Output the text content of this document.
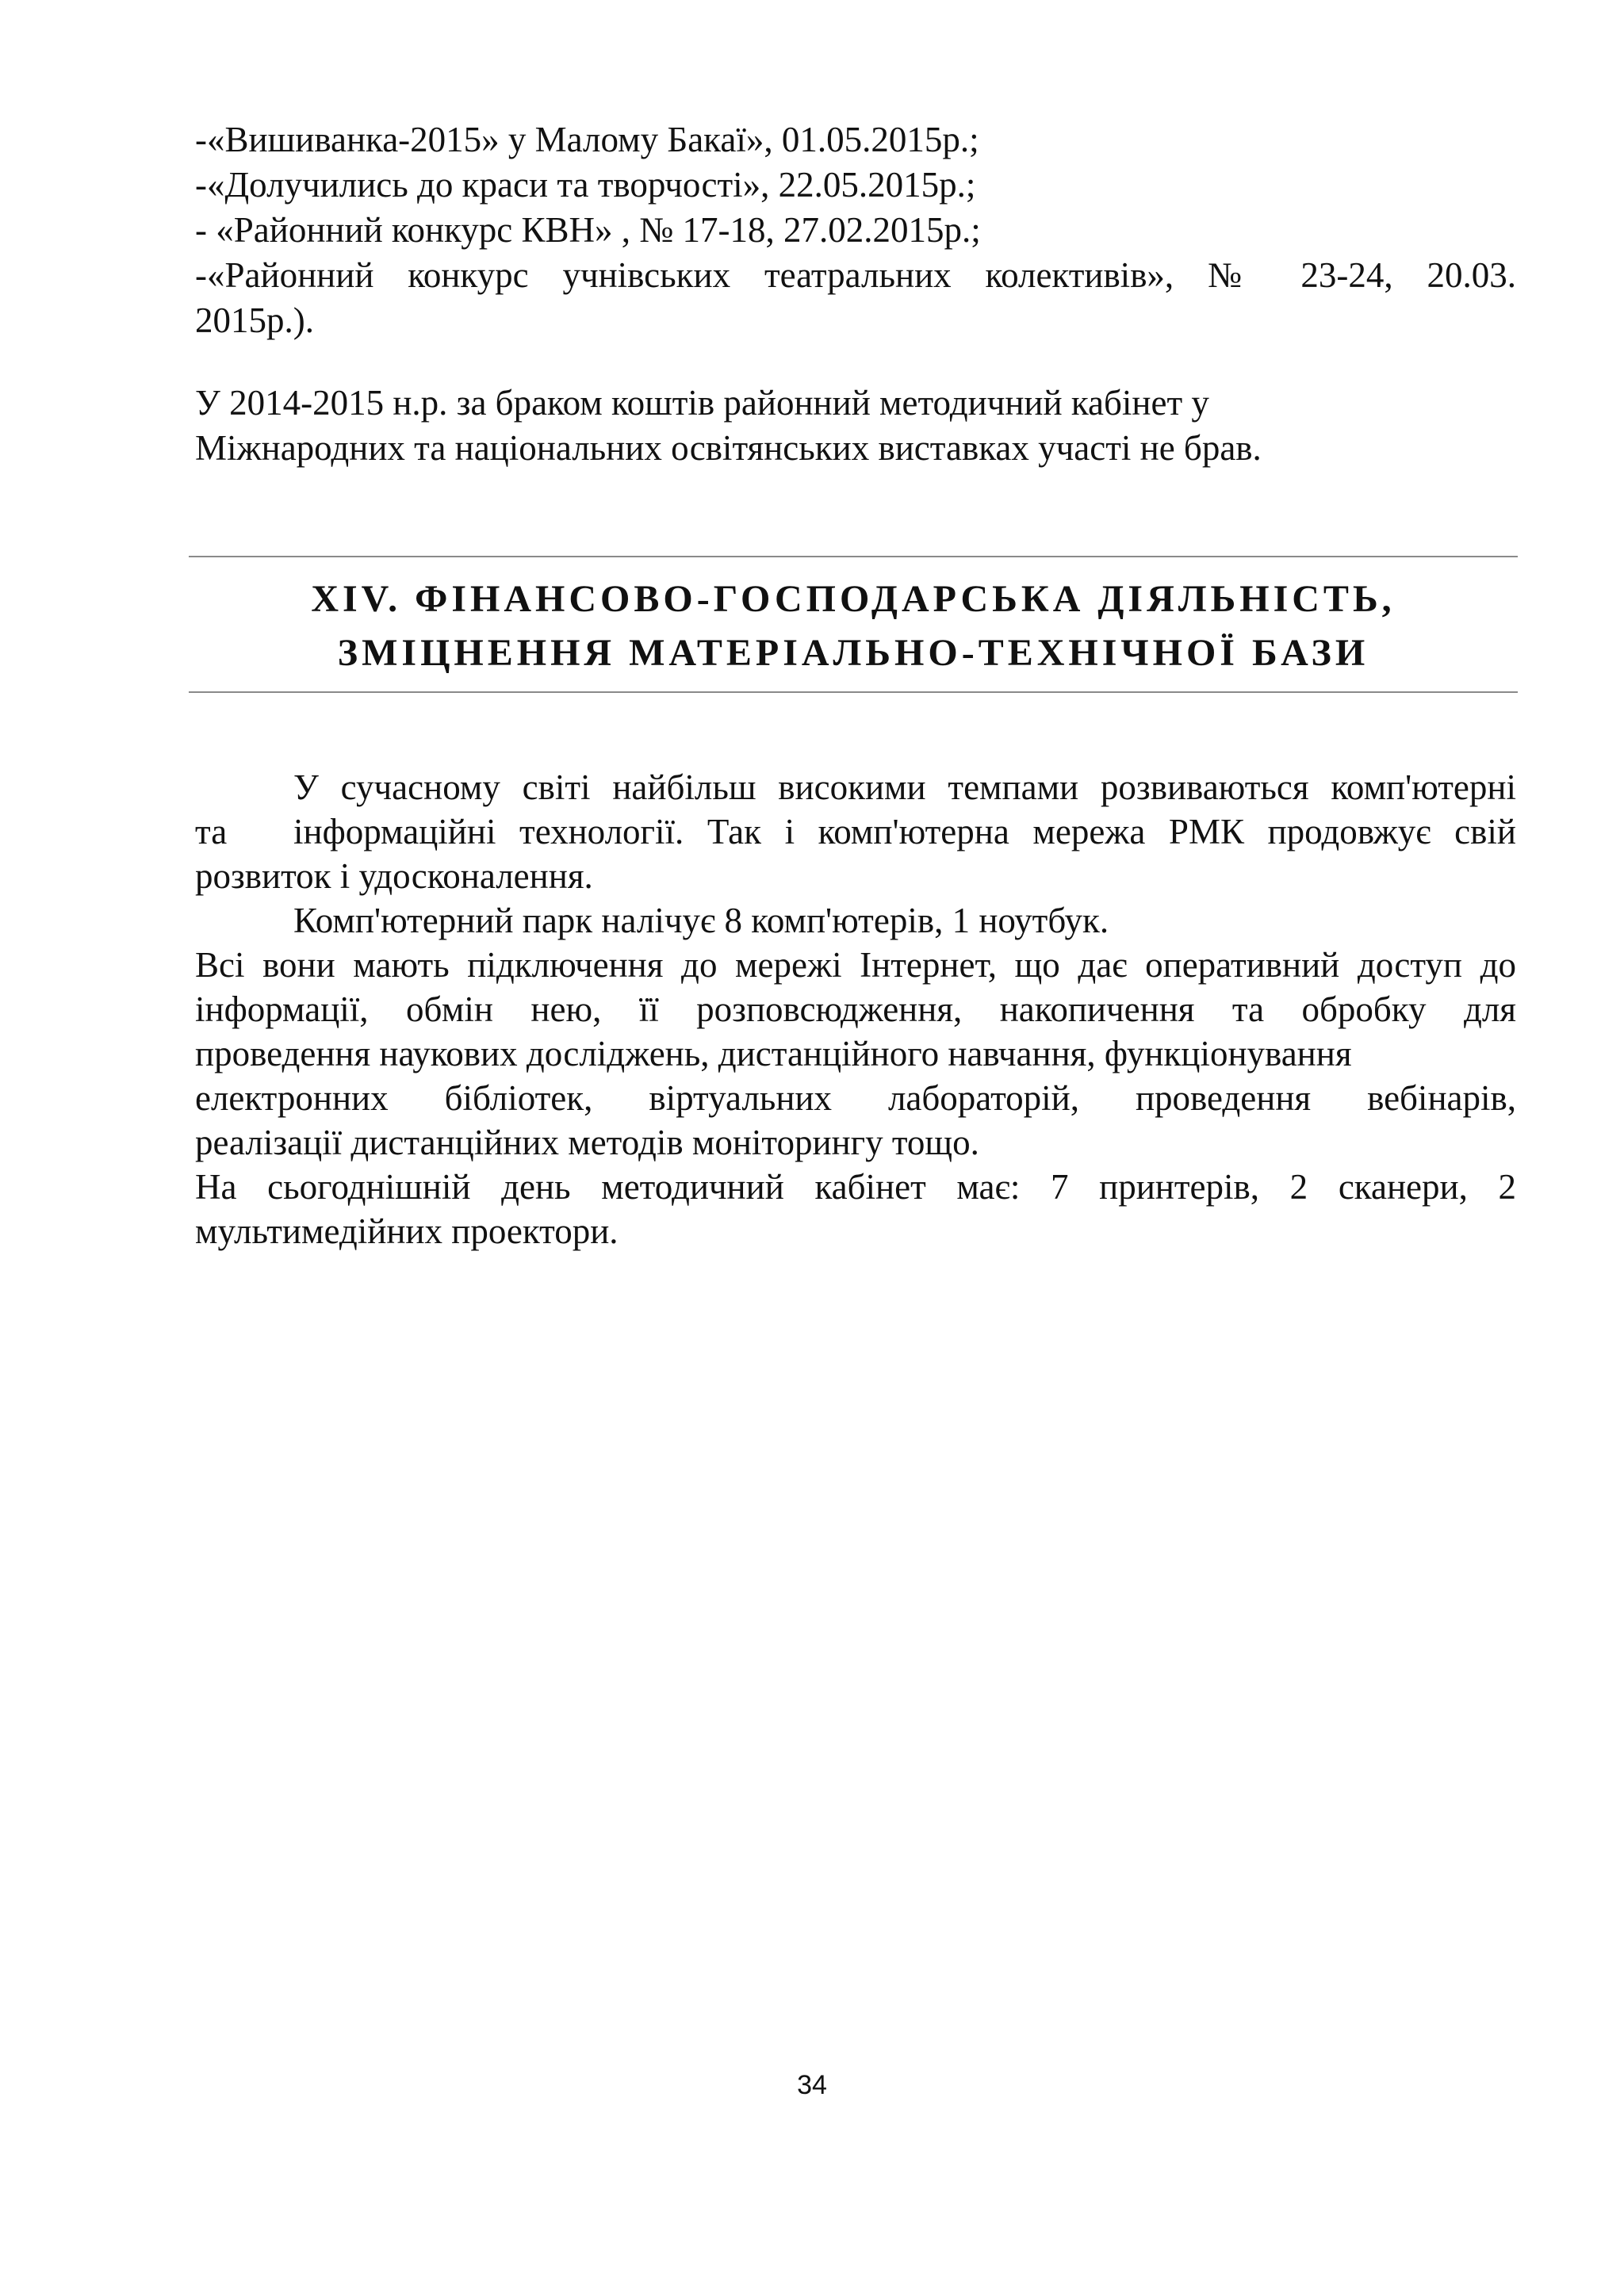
-«Вишиванка-2015» у Малому Бакаї», 01.05.2015р.;
-«Долучились до краси та творчості», 22.05.2015р.;
- «Районний конкурс КВН» , № 17-18, 27.02.2015р.;
-«Районний конкурс учнівських театральних колективів», № 23-24, 20.03.
2015р.).
У 2014-2015 н.р. за браком коштів районний методичний кабінет у
Міжнародних та національних освітянських виставках участі не брав.
XIV. ФІНАНСОВО-ГОСПОДАРСЬКА ДІЯЛЬНІСТЬ,
ЗМІЦНЕННЯ МАТЕРІАЛЬНО-ТЕХНІЧНОЇ БАЗИ
У сучасному світі найбільш високими темпами розвиваються комп'ютерні
та	інформаційні технології. Так і комп'ютерна мережа РМК продовжує свій
розвиток і удосконалення.
Комп'ютерний парк налічує 8 комп'ютерів, 1 ноутбук.
Всі вони мають підключення до мережі Інтернет, що дає оперативний доступ до
інформації, обмін нею, її розповсюдження, накопичення та обробку для
проведення наукових досліджень, дистанційного навчання, функціонування
електронних бібліотек, віртуальних лабораторій, проведення вебінарів,
реалізації дистанційних методів моніторингу тощо.
На сьогоднішній день методичний кабінет має: 7 принтерів, 2 сканери, 2
мультимедійних проектори.
34
